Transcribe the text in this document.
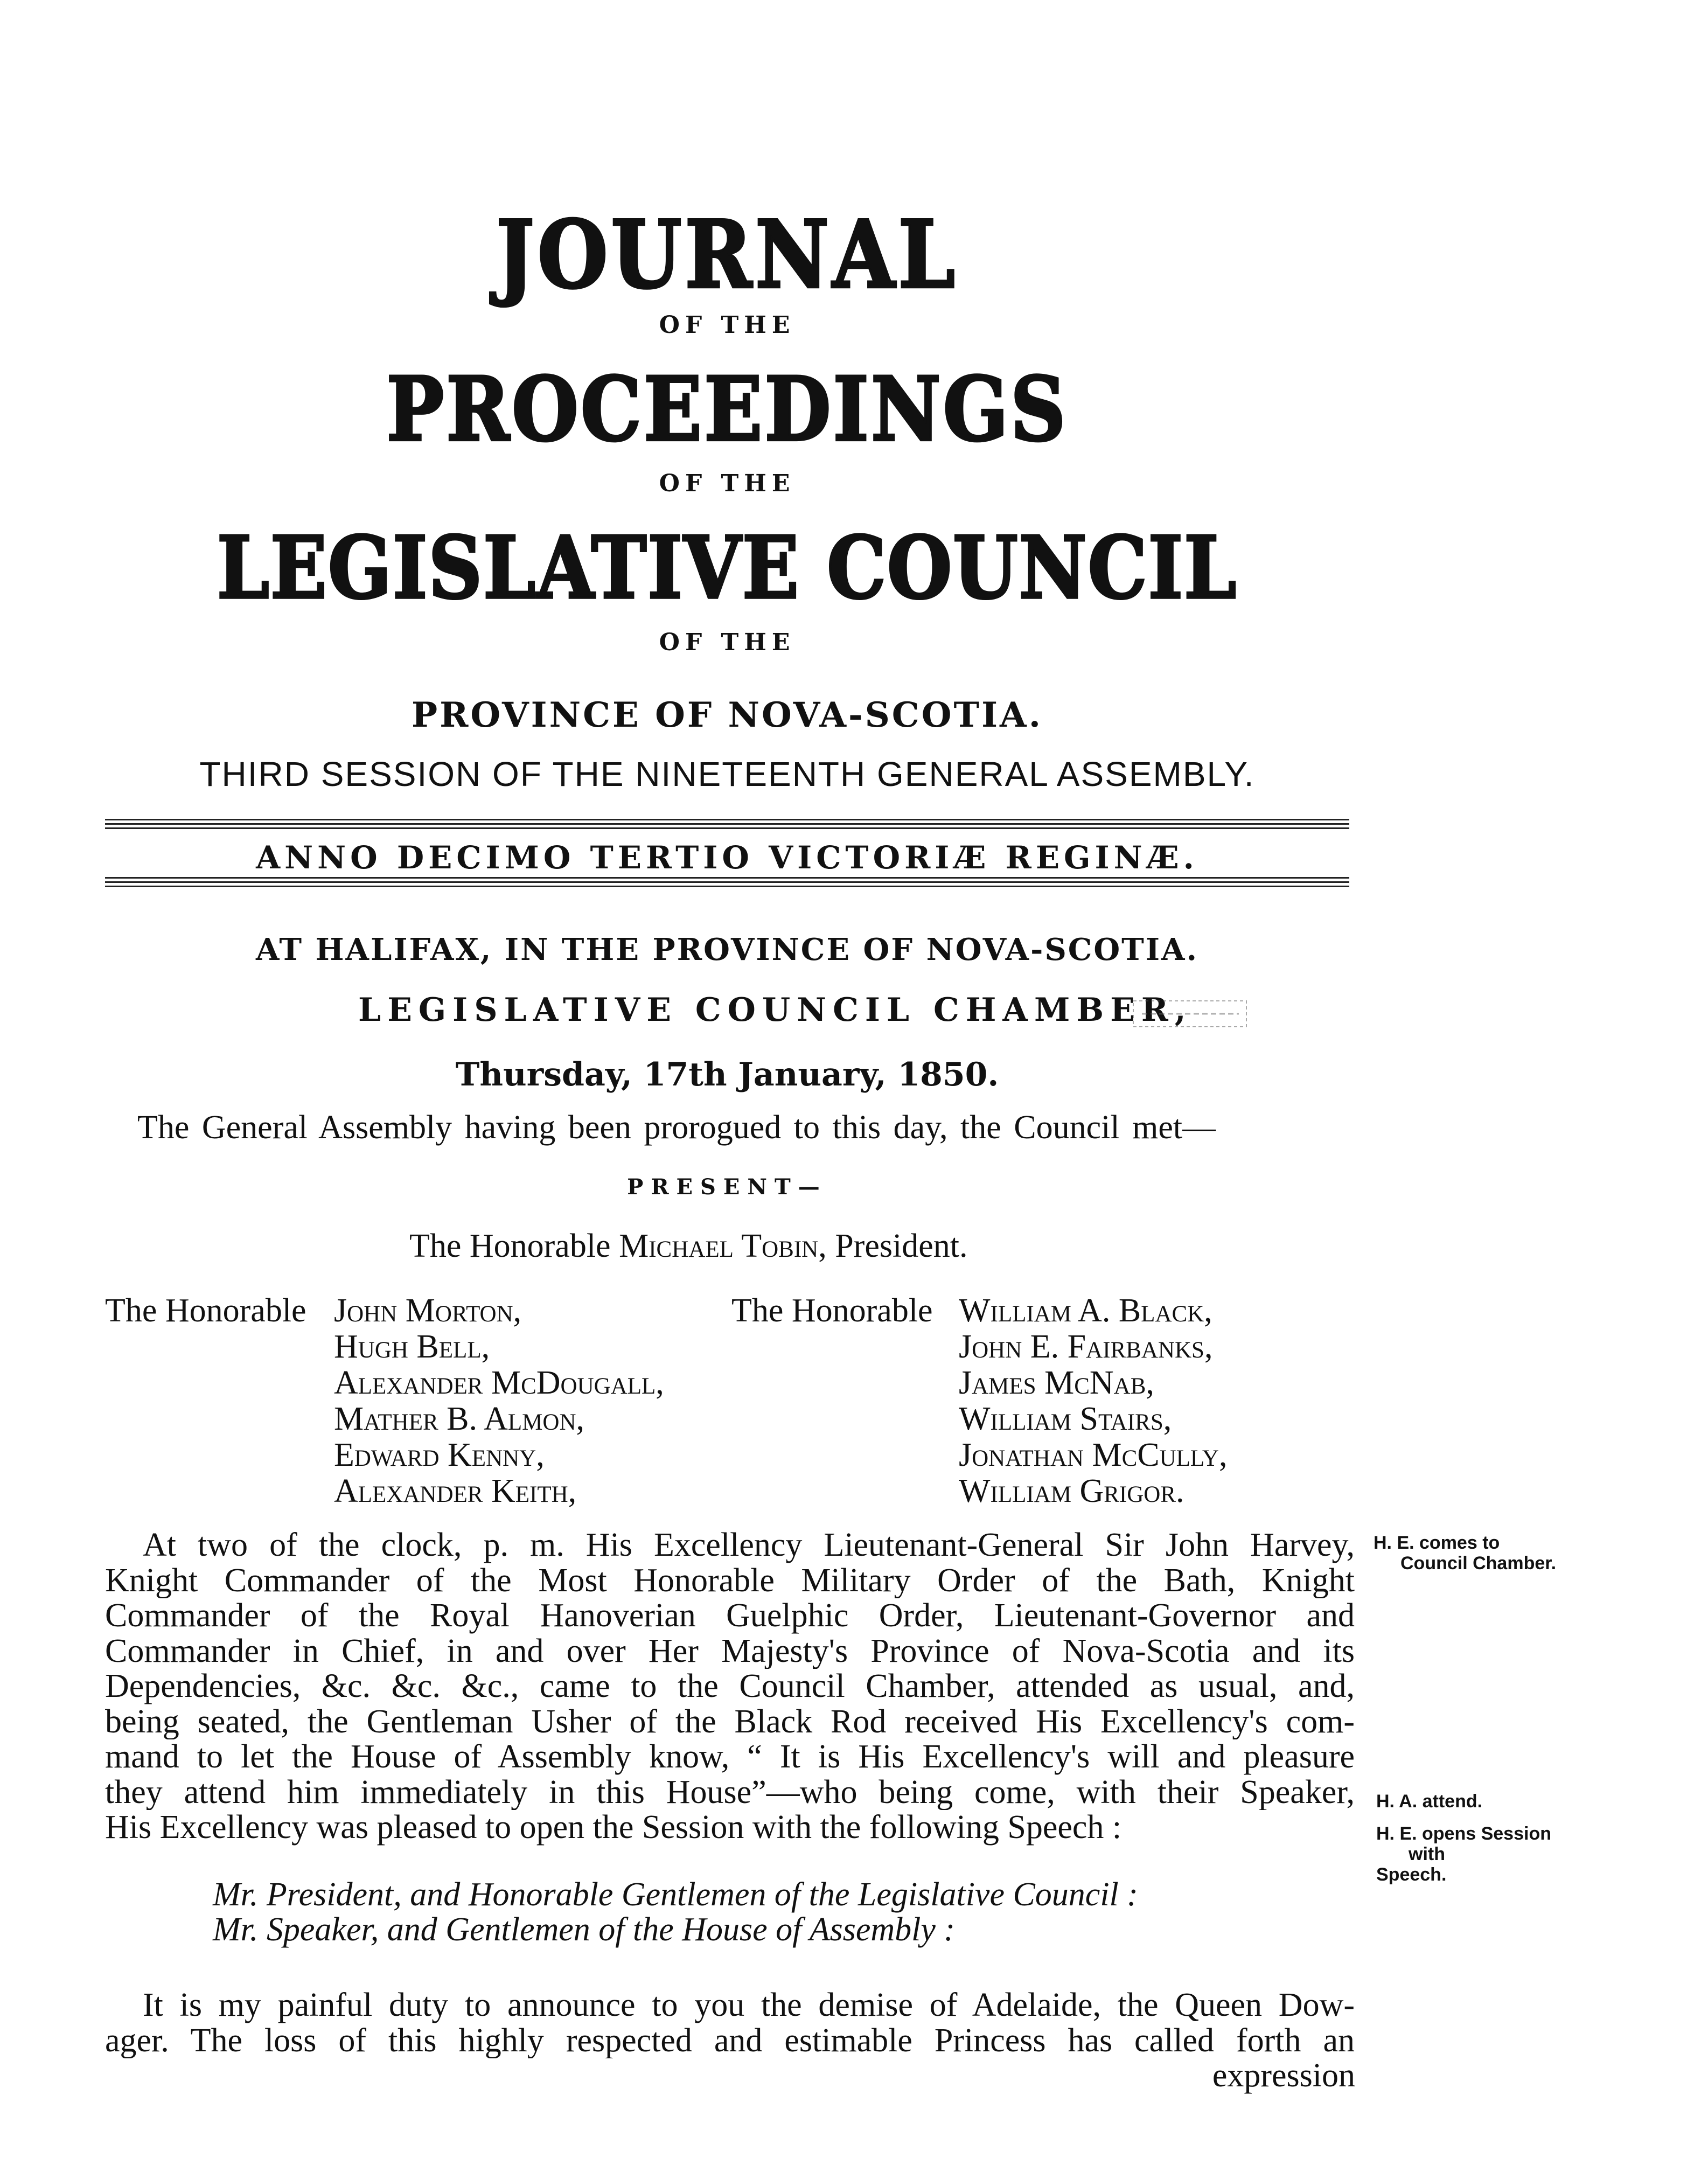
JOURNAL
OF THE
PROCEEDINGS
OF THE
LEGISLATIVE COUNCIL
OF THE
PROVINCE OF NOVA-SCOTIA.
THIRD SESSION OF THE NINETEENTH GENERAL ASSEMBLY.
ANNO DECIMO TERTIO VICTORIÆ REGINÆ.
AT HALIFAX, IN THE PROVINCE OF NOVA-SCOTIA.
LEGISLATIVE COUNCIL CHAMBER,
Thursday, 17th January, 1850.
The General Assembly having been prorogued to this day, the Council met—
PRESENT—
The Honorable Michael Tobin, President.
The Honorable John Morton,
Hugh Bell,
Alexander McDougall,
Mather B. Almon,
Edward Kenny,
Alexander Keith,
The Honorable William A. Black,
John E. Fairbanks,
James McNab,
William Stairs,
Jonathan McCully,
William Grigor.
At two of the clock, p. m. His Excellency Lieutenant-General Sir John Harvey,
Knight Commander of the Most Honorable Military Order of the Bath, Knight
Commander of the Royal Hanoverian Guelphic Order, Lieutenant-Governor and
Commander in Chief, in and over Her Majesty's Province of Nova-Scotia and its
Dependencies, &c. &c. &c., came to the Council Chamber, attended as usual, and,
being seated, the Gentleman Usher of the Black Rod received His Excellency's com-
mand to let the House of Assembly know, “ It is His Excellency's will and pleasure
they attend him immediately in this House”—who being come, with their Speaker,
His Excellency was pleased to open the Session with the following Speech :
H. E. comes to
Council Chamber.
H. A. attend.
H. E. opens Session
with
Speech.
Mr. President, and Honorable Gentlemen of the Legislative Council :
Mr. Speaker, and Gentlemen of the House of Assembly :
It is my painful duty to announce to you the demise of Adelaide, the Queen Dow-
ager. The loss of this highly respected and estimable Princess has called forth an
expression
